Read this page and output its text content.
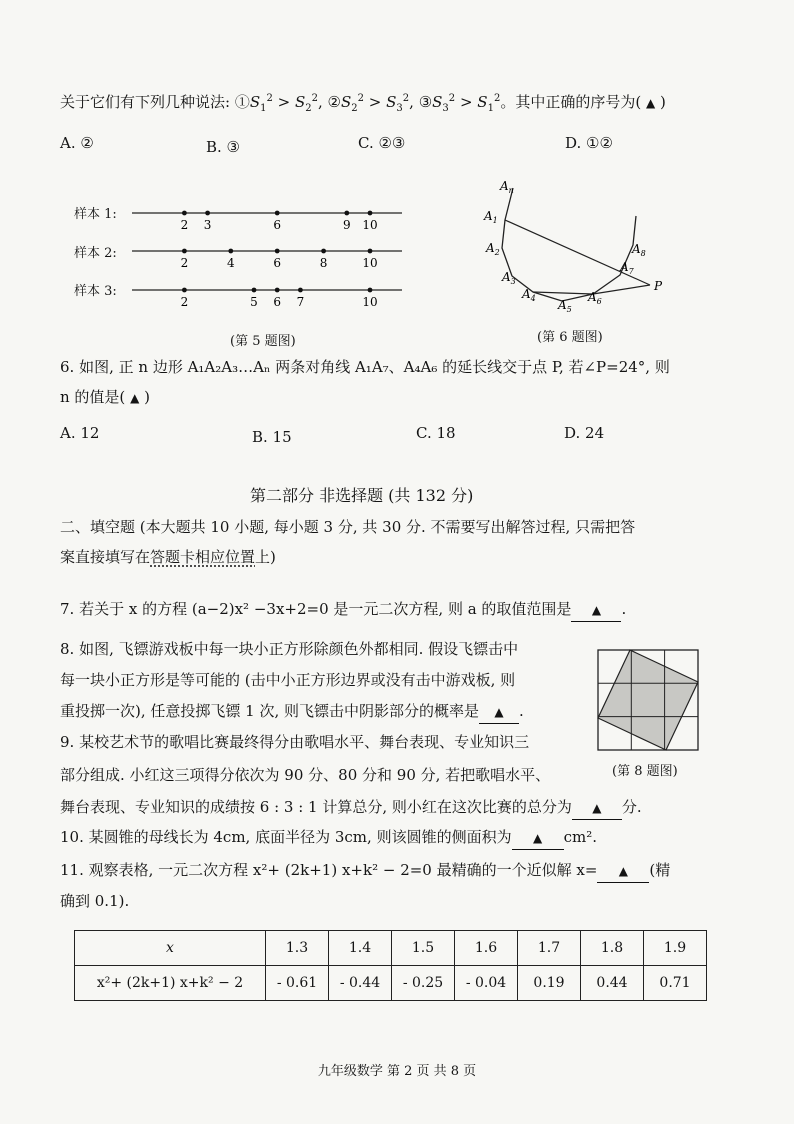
关于它们有下列几种说法: $①S_1^2 > S_2^2$, $②S_2^2 > S_3^2$, $③S_3^2 > S_1^2$。其中正确的序号为( ▲ )
A. ②	B. ③	C. ②③	D. ①②
样本 1:
样本 2:
样本 3:
2 3	6	9 10
2	4	6	8	10
2	5 6 7	10
(第 5 题图)
$A_n$
$A_1$
$A_2$
$A_3$
$A_4$ $A_5$
$A_6$
$A_7$
$A_8$
P
(第 6 题图)
6. 如图, 正 n 边形 A₁A₂A₃…Aₙ 两条对角线 A₁A₇、A₄A₆ 的延长线交于点 P, 若∠P=24°, 则
n 的值是( ▲ )
A. 12	B. 15	C. 18	D. 24
第二部分 非选择题 (共 132 分)
二、填空题 (本大题共 10 小题, 每小题 3 分, 共 30 分. 不需要写出解答过程, 只需把答
案直接填写在答题卡相应位置上)
7. 若关于 x 的方程 (a−2)x² −3x+2=0 是一元二次方程, 则 a 的取值范围是 ▲ .
8. 如图, 飞镖游戏板中每一块小正方形除颜色外都相同. 假设飞镖击中
每一块小正方形是等可能的 (击中小正方形边界或没有击中游戏板, 则
重投掷一次), 任意投掷飞镖 1 次, 则飞镖击中阴影部分的概率是 ▲ .
(第 8 题图)
9. 某校艺术节的歌唱比赛最终得分由歌唱水平、舞台表现、专业知识三
部分组成. 小红这三项得分依次为 90 分、80 分和 90 分, 若把歌唱水平、
舞台表现、专业知识的成绩按 6 : 3 : 1 计算总分, 则小红在这次比赛的总分为 ▲ 分.
10. 某圆锥的母线长为 4cm, 底面半径为 3cm, 则该圆锥的侧面积为 ▲ cm².
11. 观察表格, 一元二次方程 x²+ (2k+1) x+k² − 2=0 最精确的一个近似解 x= ▲ (精
确到 0.1).
x	1.3	1.4	1.5	1.6	1.7	1.8	1.9
x²+ (2k+1) x+k² − 2	- 0.61	- 0.44	- 0.25	- 0.04	0.19	0.44	0.71
九年级数学 第 2 页 共 8 页
